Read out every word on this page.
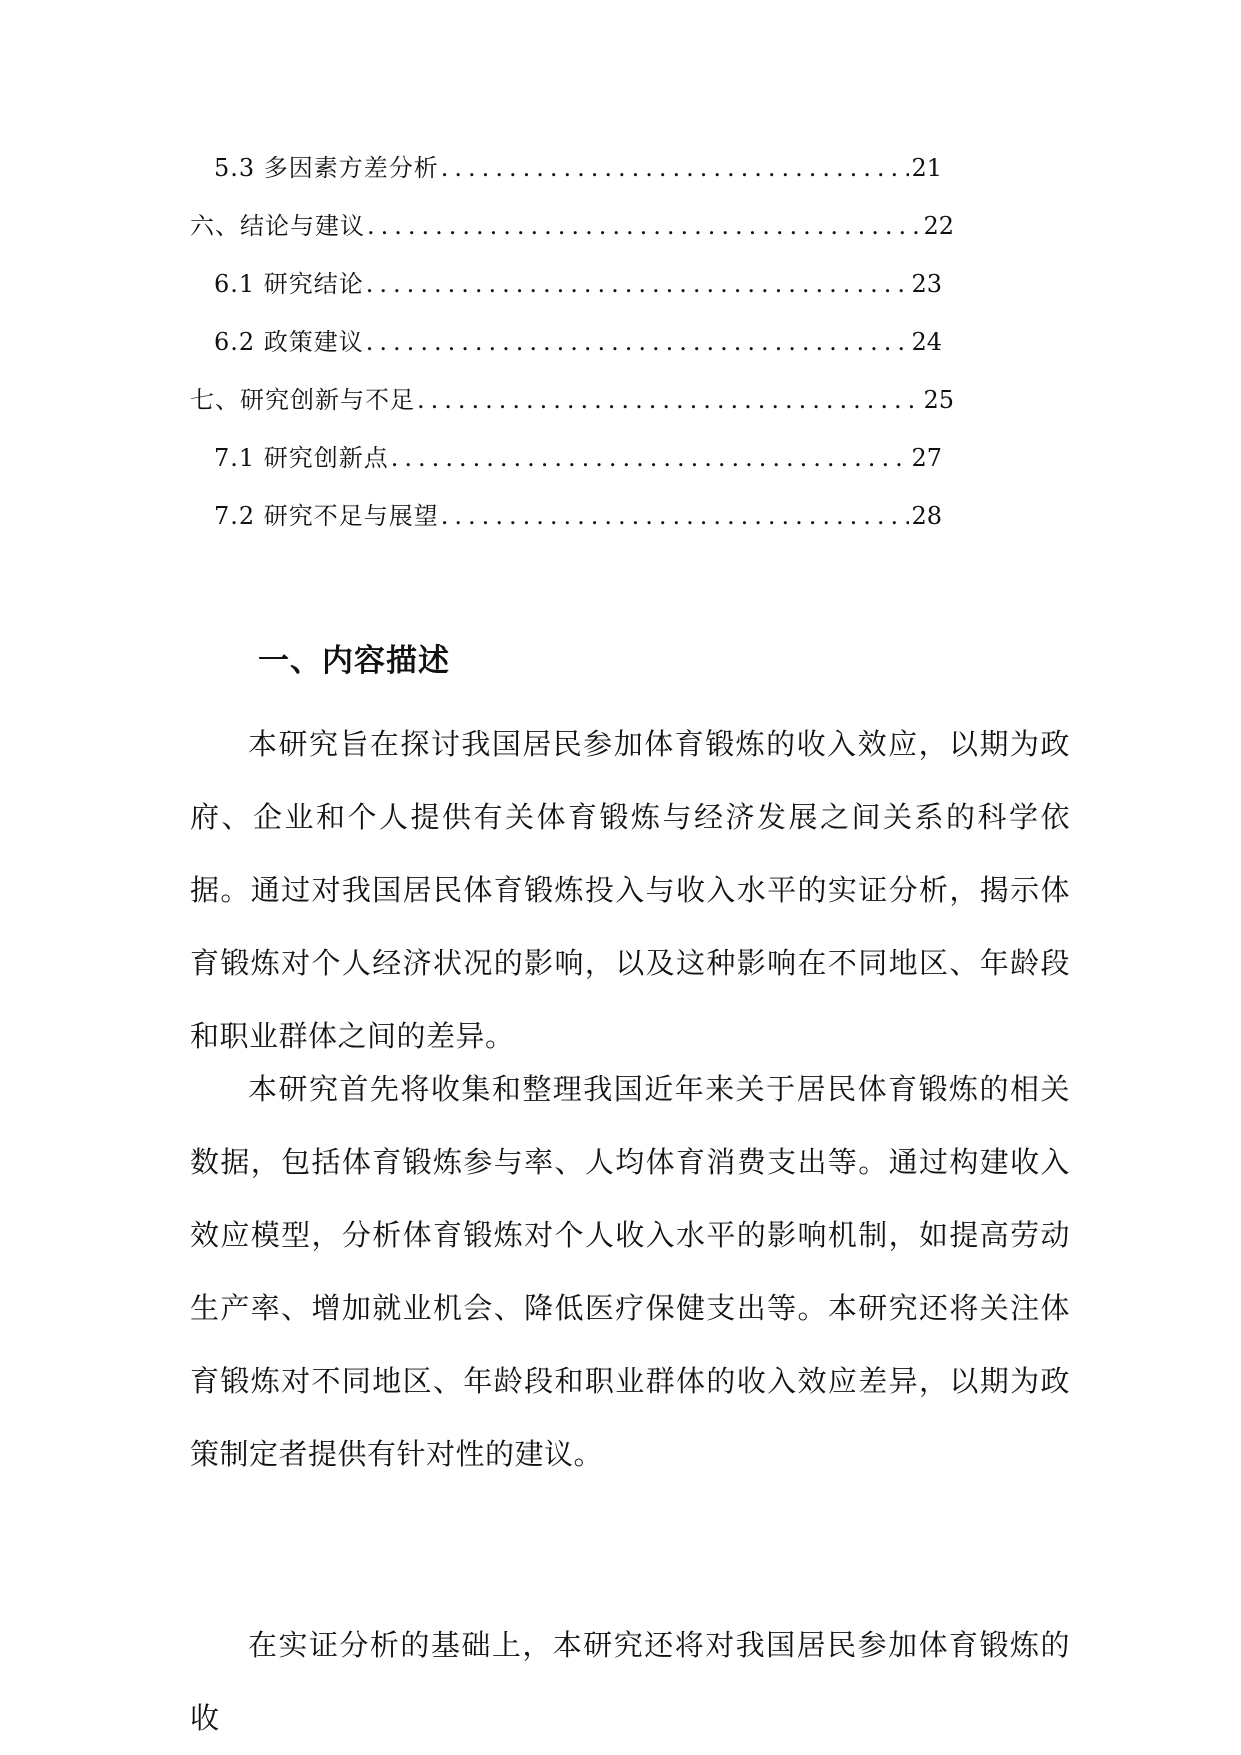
5.3 多因素方差分析 .....	21
六、结论与建议 .....	22
6.1 研究结论 .....	23
6.2 政策建议 .....	24
七、研究创新与不足 .....	25
7.1 研究创新点 .....	27
7.2 研究不足与展望 .....	28
一、内容描述

本研究旨在探讨我国居民参加体育锻炼的收入效应，以期为政府、企业和个人提供有关体育锻炼与经济发展之间关系的科学依据。通过对我国居民体育锻炼投入与收入水平的实证分析，揭示体育锻炼对个人经济状况的影响，以及这种影响在不同地区、年龄段和职业群体之间的差异。

本研究首先将收集和整理我国近年来关于居民体育锻炼的相关数据，包括体育锻炼参与率、人均体育消费支出等。通过构建收入效应模型，分析体育锻炼对个人收入水平的影响机制，如提高劳动生产率、增加就业机会、降低医疗保健支出等。本研究还将关注体育锻炼对不同地区、年龄段和职业群体的收入效应差异，以期为政策制定者提供有针对性的建议。

在实证分析的基础上，本研究还将对我国居民参加体育锻炼的收
